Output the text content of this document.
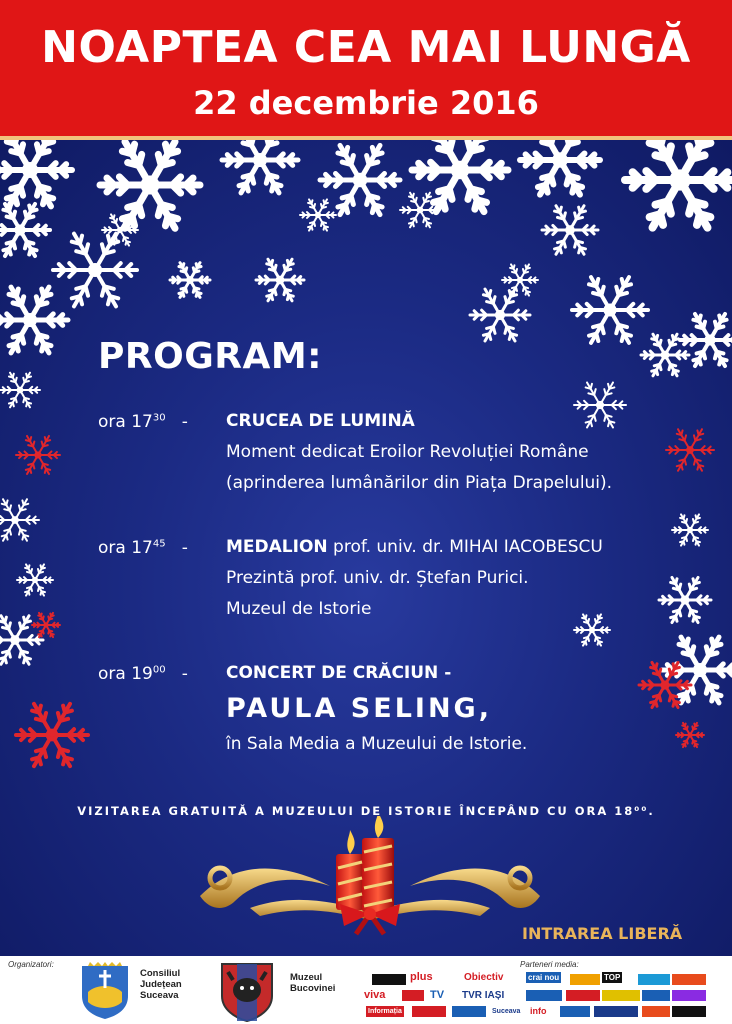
NOAPTEA CEA MAI LUNGĂ
22 decembrie 2016
PROGRAM:
ora $17^{30}$ - CRUCEA DE LUMINĂ
Moment dedicat Eroilor Revoluției Române
(aprinderea lumânărilor din Piața Drapelului).
ora $17^{45}$ - MEDALION prof. univ. dr. MIHAI IACOBESCU
Prezintă prof. univ. dr. Ștefan Purici.
Muzeul de Istorie
ora $19^{00}$ - CONCERT DE CRĂCIUN -
PAULA SELING,
în Sala Media a Muzeului de Istorie.
VIZITAREA GRATUITĂ A MUZEULUI DE ISTORIE ÎNCEPÂND CU ORA 18⁰⁰.
INTRAREA LIBERĂ
Organizatori:
Consiliul
Județean
Suceava
Muzeul
Bucovinei
Parteneri media:
plus	Obiectiv	crai nou	TOP
viva	TV TVR IAȘI
Informația	Suceava info
